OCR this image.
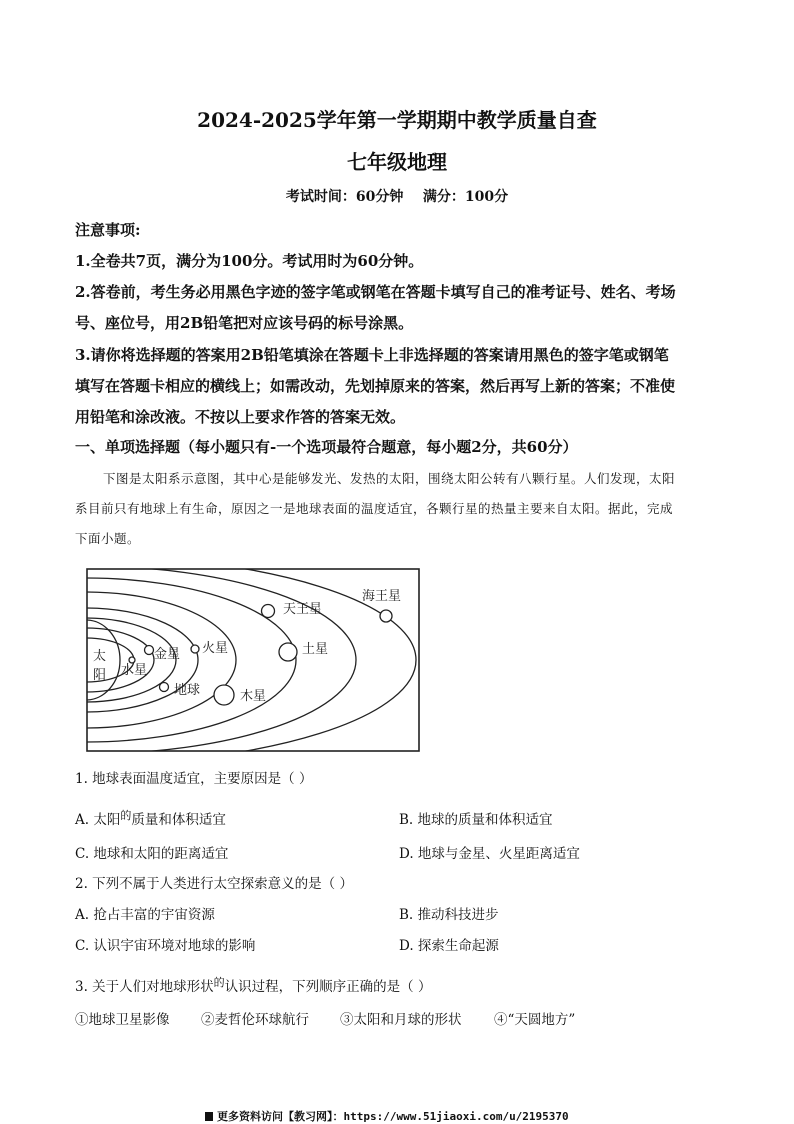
2024-2025学年第一学期期中教学质量自查
七年级地理
考试时间：60分钟    满分：100分
注意事项:
1.全卷共7页，满分为100分。考试用时为60分钟。
2.答卷前，考生务必用黑色字迹的签字笔或钢笔在答题卡填写自己的准考证号、姓名、考场
号、座位号，用2B铅笔把对应该号码的标号涂黑。
3.请你将选择题的答案用2B铅笔填涂在答题卡上非选择题的答案请用黑色的签字笔或钢笔
填写在答题卡相应的横线上；如需改动，先划掉原来的答案，然后再写上新的答案；不准使
用铅笔和涂改液。不按以上要求作答的答案无效。
一、单项选择题（每小题只有-一个选项最符合题意，每小题2分，共60分）
下图是太阳系示意图，其中心是能够发光、发热的太阳，围绕太阳公转有八颗行星。人们发现，太阳
系目前只有地球上有生命，原因之一是地球表面的温度适宜，各颗行星的热量主要来自太阳。据此，完成
下面小题。
太
阳 水星
金星
地球
火星
木星
土星
天王星
海王星
1. 地球表面温度适宜，主要原因是（ ）
A. 太阳$^的$质量和体积适宜	B. 地球的质量和体积适宜
C. 地球和太阳的距离适宜	D. 地球与金星、火星距离适宜
2. 下列不属于人类进行太空探索意义的是（ ）
A. 抢占丰富的宇宙资源	B. 推动科技进步
C. 认识宇宙环境对地球的影响	D. 探索生命起源
3. 关于人们对地球形状$^的$认识过程，下列顺序正确的是（ ）
①地球卫星影像 ②麦哲伦环球航行 ③太阳和月球的形状 ④“天圆地方”
更多资料访问【教习网】：https://www.51jiaoxi.com/u/2195370
